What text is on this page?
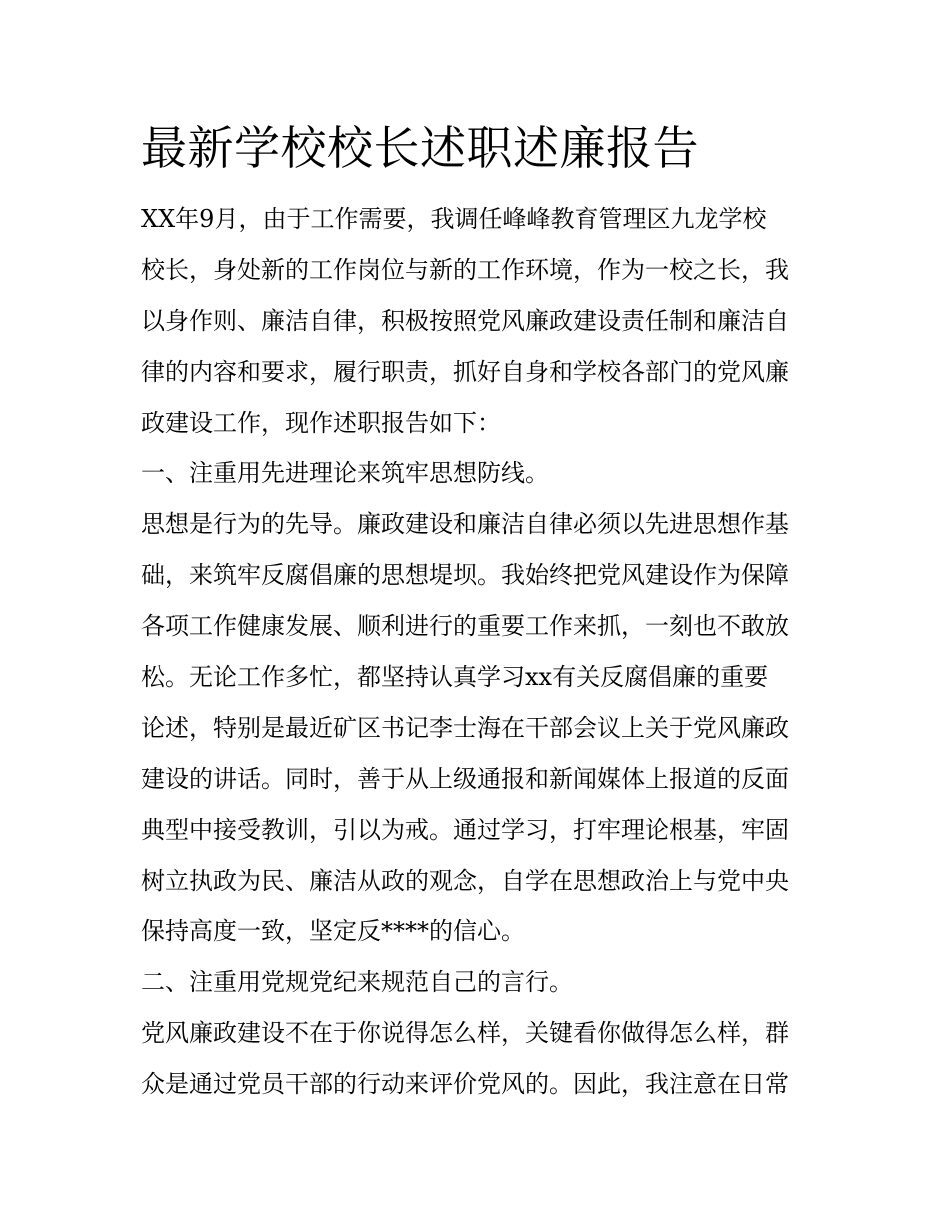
最新学校校长述职述廉报告
XX年9月，由于工作需要，我调任峰峰教育管理区九龙学校
校长，身处新的工作岗位与新的工作环境，作为一校之长，我
以身作则、廉洁自律，积极按照党风廉政建设责任制和廉洁自
律的内容和要求，履行职责，抓好自身和学校各部门的党风廉
政建设工作，现作述职报告如下：
一、注重用先进理论来筑牢思想防线。
思想是行为的先导。廉政建设和廉洁自律必须以先进思想作基
础，来筑牢反腐倡廉的思想堤坝。我始终把党风建设作为保障
各项工作健康发展、顺利进行的重要工作来抓，一刻也不敢放
松。无论工作多忙，都坚持认真学习xx有关反腐倡廉的重要
论述，特别是最近矿区书记李士海在干部会议上关于党风廉政
建设的讲话。同时，善于从上级通报和新闻媒体上报道的反面
典型中接受教训，引以为戒。通过学习，打牢理论根基，牢固
树立执政为民、廉洁从政的观念，自学在思想政治上与党中央
保持高度一致，坚定反****的信心。
二、注重用党规党纪来规范自己的言行。
党风廉政建设不在于你说得怎么样，关键看你做得怎么样，群
众是通过党员干部的行动来评价党风的。因此，我注意在日常
